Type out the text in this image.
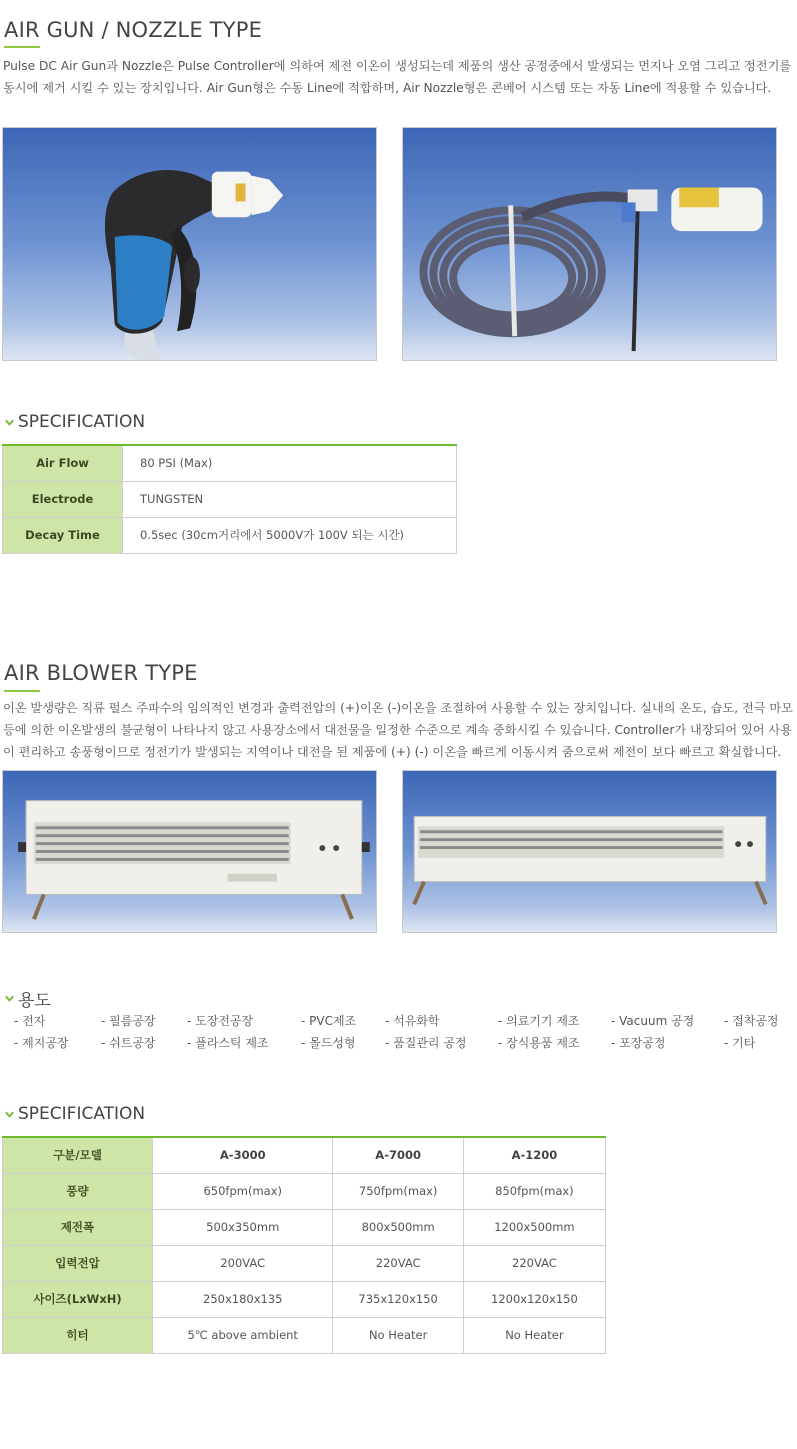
AIR GUN / NOZZLE TYPE

Pulse DC Air Gun과 Nozzle은 Pulse Controller에 의하여 제전 이온이 생성되는데 제품의 생산 공정중에서 발생되는 먼지나 오염 그리고 정전기를

동시에 제거 시킬 수 있는 장치입니다. Air Gun형은 수동 Line에 적합하며, Air Nozzle형은 콘베어 시스템 또는 자동 Line에 적용할 수 있습니다.

SPECIFICATION
Air Flow	80 PSI (Max)
Electrode	TUNGSTEN
Decay Time	0.5sec (30cm거리에서 5000V가 100V 되는 시간)
AIR BLOWER TYPE

이온 발생량은 직류 펄스 주파수의 임의적인 변경과 출력전압의 (+)이온 (-)이온을 조절하여 사용할 수 있는 장치입니다. 실내의 온도, 습도, 전극 마모

등에 의한 이온발생의 불균형이 나타나지 않고 사용장소에서 대전물을 일정한 수준으로 계속 중화시킬 수 있습니다. Controller가 내장되어 있어 사용

이 편리하고 송풍형이므로 정전기가 발생되는 지역이나 대전을 된 제품에 (+) (-) 이온을 빠르게 이동시켜 줌으로써 제전이 보다 빠르고 확실합니다.

용도
- 전자	- 필름공장	- 도장전공장	- PVC제조 - 석유화학	- 의료기기 제조	- Vacuum 공정 - 접착공정
- 제지공장	- 쉬트공장	- 플라스틱 제조	- 몰드성형 - 품질관리 공정	- 장식용품 제조	- 포장공정	- 기타
SPECIFICATION
구분/모델	A-3000	A-7000	A-1200
풍량	650fpm(max)	750fpm(max)	850fpm(max)
제전폭	500x350mm	800x500mm	1200x500mm
입력전압	200VAC	220VAC	220VAC
사이즈(LxWxH)	250x180x135	735x120x150	1200x120x150
히터	5℃ above ambient	No Heater	No Heater
